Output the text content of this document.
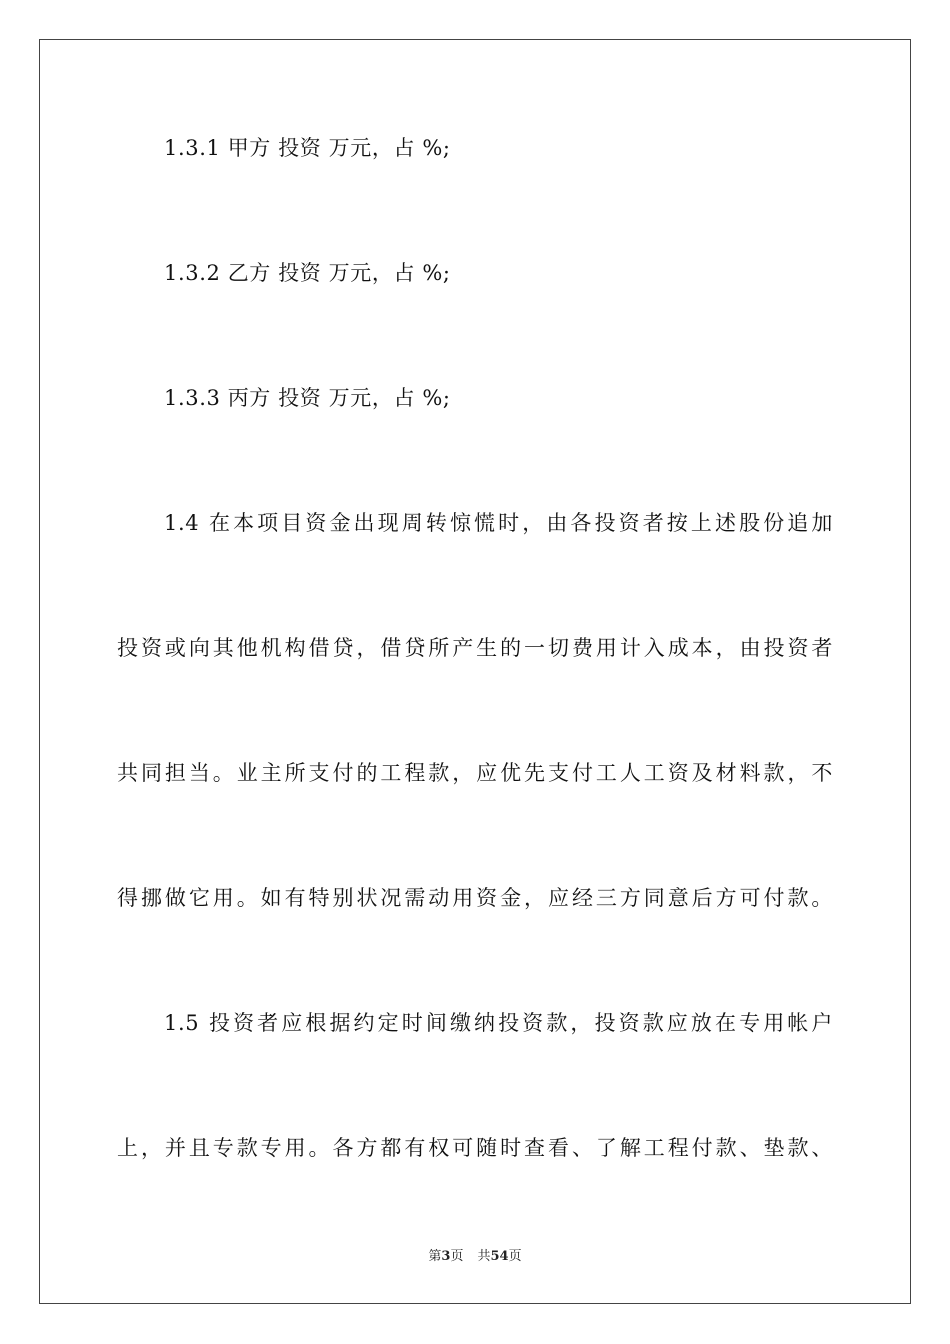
1.3.1 甲方 投资 万元，占 %;
1.3.2 乙方 投资 万元，占 %;
1.3.3 丙方 投资 万元，占 %;
1.4 在本项目资金出现周转惊慌时，由各投资者按上述股份追加
投资或向其他机构借贷，借贷所产生的一切费用计入成本，由投资者
共同担当。业主所支付的工程款，应优先支付工人工资及材料款，不
得挪做它用。如有特别状况需动用资金，应经三方同意后方可付款。
1.5 投资者应根据约定时间缴纳投资款，投资款应放在专用帐户
上，并且专款专用。各方都有权可随时查看、了解工程付款、垫款、
第3页 共54页
